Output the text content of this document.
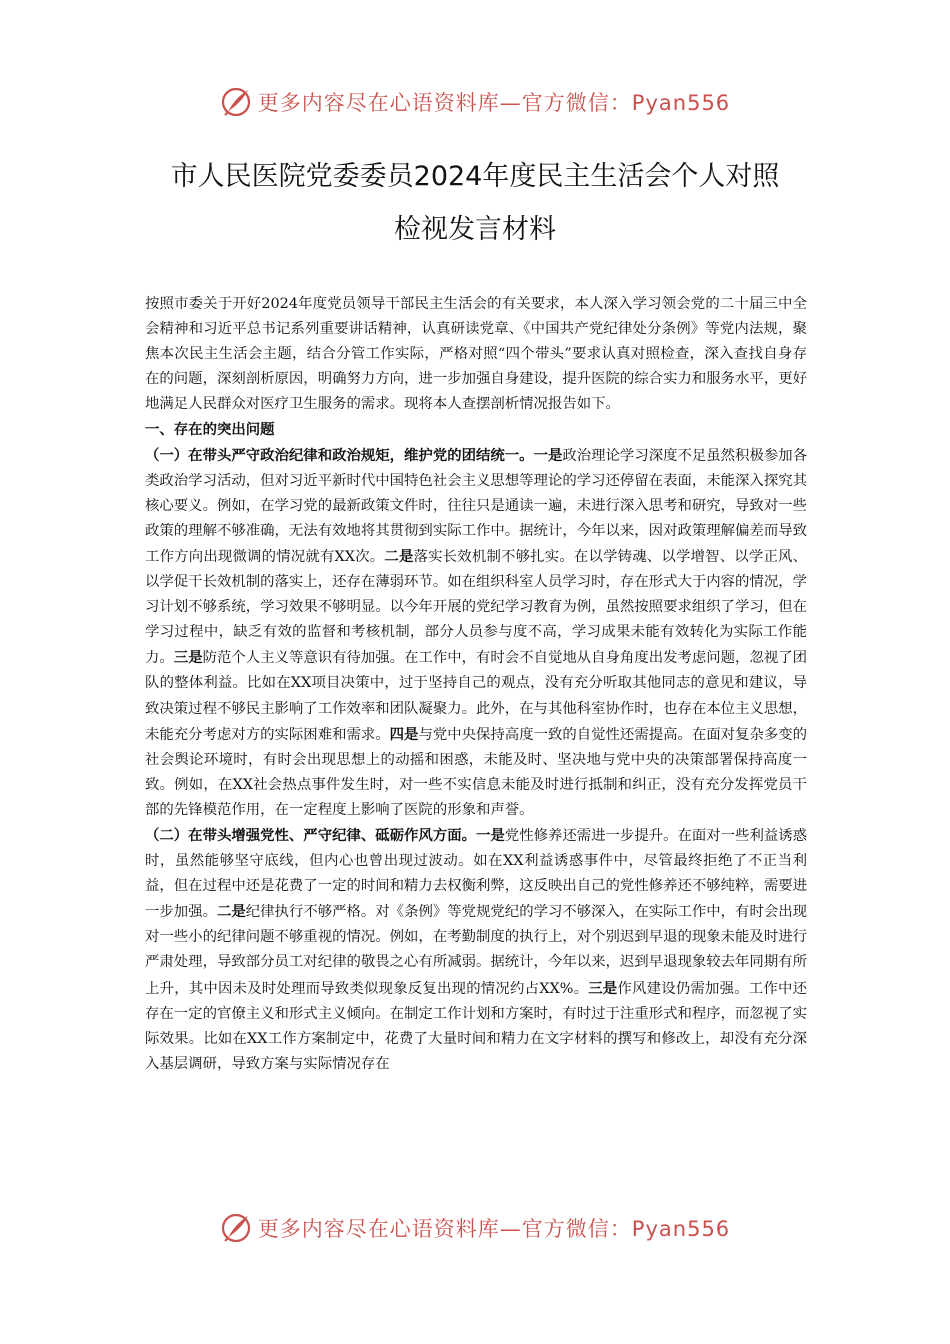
更多内容尽在心语资料库—官方微信：Pyan556
市人民医院党委委员2024年度民主生活会个人对照
检视发言材料

按照市委关于开好2024年度党员领导干部民主生活会的有关要求，本人深入学习领会党的二十届三中全会精神和习近平总书记系列重要讲话精神，认真研读党章、《中国共产党纪律处分条例》等党内法规，聚焦本次民主生活会主题，结合分管工作实际，严格对照“四个带头”要求认真对照检查，深入查找自身存在的问题，深刻剖析原因，明确努力方向，进一步加强自身建设，提升医院的综合实力和服务水平，更好地满足人民群众对医疗卫生服务的需求。现将本人查摆剖析情况报告如下。

一、存在的突出问题

（一）在带头严守政治纪律和政治规矩，维护党的团结统一。一是政治理论学习深度不足虽然积极参加各类政治学习活动，但对习近平新时代中国特色社会主义思想等理论的学习还停留在表面，未能深入探究其核心要义。例如，在学习党的最新政策文件时，往往只是通读一遍，未进行深入思考和研究，导致对一些政策的理解不够准确，无法有效地将其贯彻到实际工作中。据统计，今年以来，因对政策理解偏差而导致工作方向出现微调的情况就有XX次。二是落实长效机制不够扎实。在以学铸魂、以学增智、以学正风、以学促干长效机制的落实上，还存在薄弱环节。如在组织科室人员学习时，存在形式大于内容的情况，学习计划不够系统，学习效果不够明显。以今年开展的党纪学习教育为例，虽然按照要求组织了学习，但在学习过程中，缺乏有效的监督和考核机制，部分人员参与度不高，学习成果未能有效转化为实际工作能力。三是防范个人主义等意识有待加强。在工作中，有时会不自觉地从自身角度出发考虑问题，忽视了团队的整体利益。比如在XX项目决策中，过于坚持自己的观点，没有充分听取其他同志的意见和建议，导致决策过程不够民主影响了工作效率和团队凝聚力。此外，在与其他科室协作时，也存在本位主义思想，未能充分考虑对方的实际困难和需求。四是与党中央保持高度一致的自觉性还需提高。在面对复杂多变的社会舆论环境时，有时会出现思想上的动摇和困惑，未能及时、坚决地与党中央的决策部署保持高度一致。例如，在XX社会热点事件发生时，对一些不实信息未能及时进行抵制和纠正，没有充分发挥党员干部的先锋模范作用，在一定程度上影响了医院的形象和声誉。

（二）在带头增强党性、严守纪律、砥砺作风方面。一是党性修养还需进一步提升。在面对一些利益诱惑时，虽然能够坚守底线，但内心也曾出现过波动。如在XX利益诱惑事件中，尽管最终拒绝了不正当利益，但在过程中还是花费了一定的时间和精力去权衡利弊，这反映出自己的党性修养还不够纯粹，需要进一步加强。二是纪律执行不够严格。对《条例》等党规党纪的学习不够深入，在实际工作中，有时会出现对一些小的纪律问题不够重视的情况。例如，在考勤制度的执行上，对个别迟到早退的现象未能及时进行严肃处理，导致部分员工对纪律的敬畏之心有所减弱。据统计，今年以来，迟到早退现象较去年同期有所上升，其中因未及时处理而导致类似现象反复出现的情况约占XX%。三是作风建设仍需加强。工作中还存在一定的官僚主义和形式主义倾向。在制定工作计划和方案时，有时过于注重形式和程序，而忽视了实际效果。比如在XX工作方案制定中，花费了大量时间和精力在文字材料的撰写和修改上，却没有充分深入基层调研，导致方案与实际情况存在

更多内容尽在心语资料库—官方微信：Pyan556
